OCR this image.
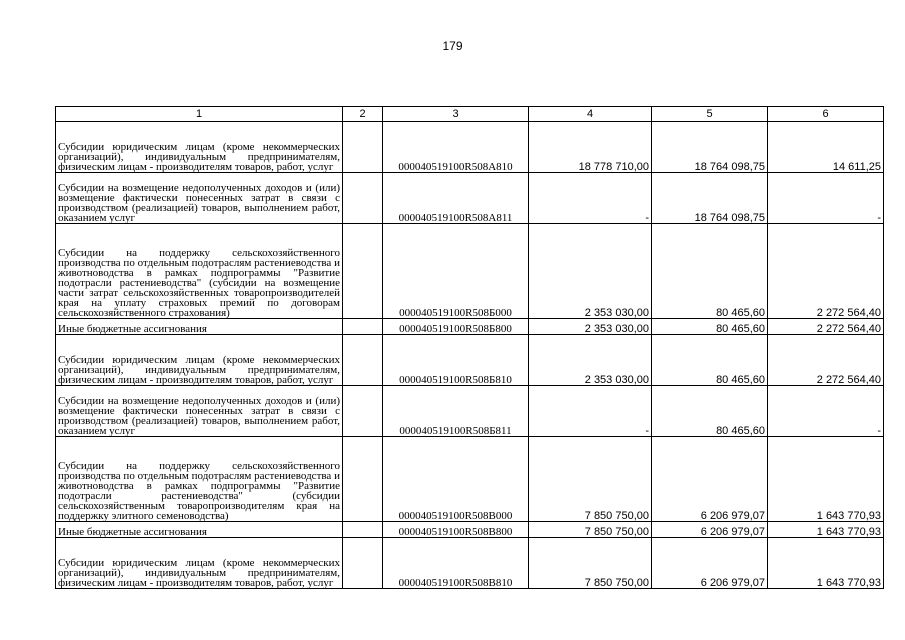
179
1	2	3	4	5	6
Субсидии юридическим лицам (кроме некоммерческих организаций), индивидуальным предпринимателям, физическим лицам - производителям товаров, работ, услуг		000040519100R508А810	18 778 710,00	18 764 098,75	14 611,25
Субсидии на возмещение недополученных доходов и (или) возмещение фактически понесенных затрат в связи с производством (реализацией) товаров, выполнением работ, оказанием услуг		000040519100R508А811	-	18 764 098,75	-
Субсидии на поддержку сельскохозяйственного производства по отдельным подотраслям растениеводства и животноводства в рамках подпрограммы "Развитие подотрасли растениеводства" (субсидии на возмещение части затрат сельскохозяйственных товаропроизводителей края на уплату страховых премий по договорам сельскохозяйственного страхования)		000040519100R508Б000	2 353 030,00	80 465,60	2 272 564,40
Иные бюджетные ассигнования		000040519100R508Б800	2 353 030,00	80 465,60	2 272 564,40
Субсидии юридическим лицам (кроме некоммерческих организаций), индивидуальным предпринимателям, физическим лицам - производителям товаров, работ, услуг		000040519100R508Б810	2 353 030,00	80 465,60	2 272 564,40
Субсидии на возмещение недополученных доходов и (или) возмещение фактически понесенных затрат в связи с производством (реализацией) товаров, выполнением работ, оказанием услуг		000040519100R508Б811	-	80 465,60	-
Субсидии на поддержку сельскохозяйственного производства по отдельным подотраслям растениеводства и животноводства в рамках подпрограммы "Развитие подотрасли растениеводства" (субсидии сельскохозяйственным товаропроизводителям края на поддержку элитного семеноводства)		000040519100R508В000	7 850 750,00	6 206 979,07	1 643 770,93
Иные бюджетные ассигнования		000040519100R508В800	7 850 750,00	6 206 979,07	1 643 770,93
Субсидии юридическим лицам (кроме некоммерческих организаций), индивидуальным предпринимателям, физическим лицам - производителям товаров, работ, услуг		000040519100R508В810	7 850 750,00	6 206 979,07	1 643 770,93
